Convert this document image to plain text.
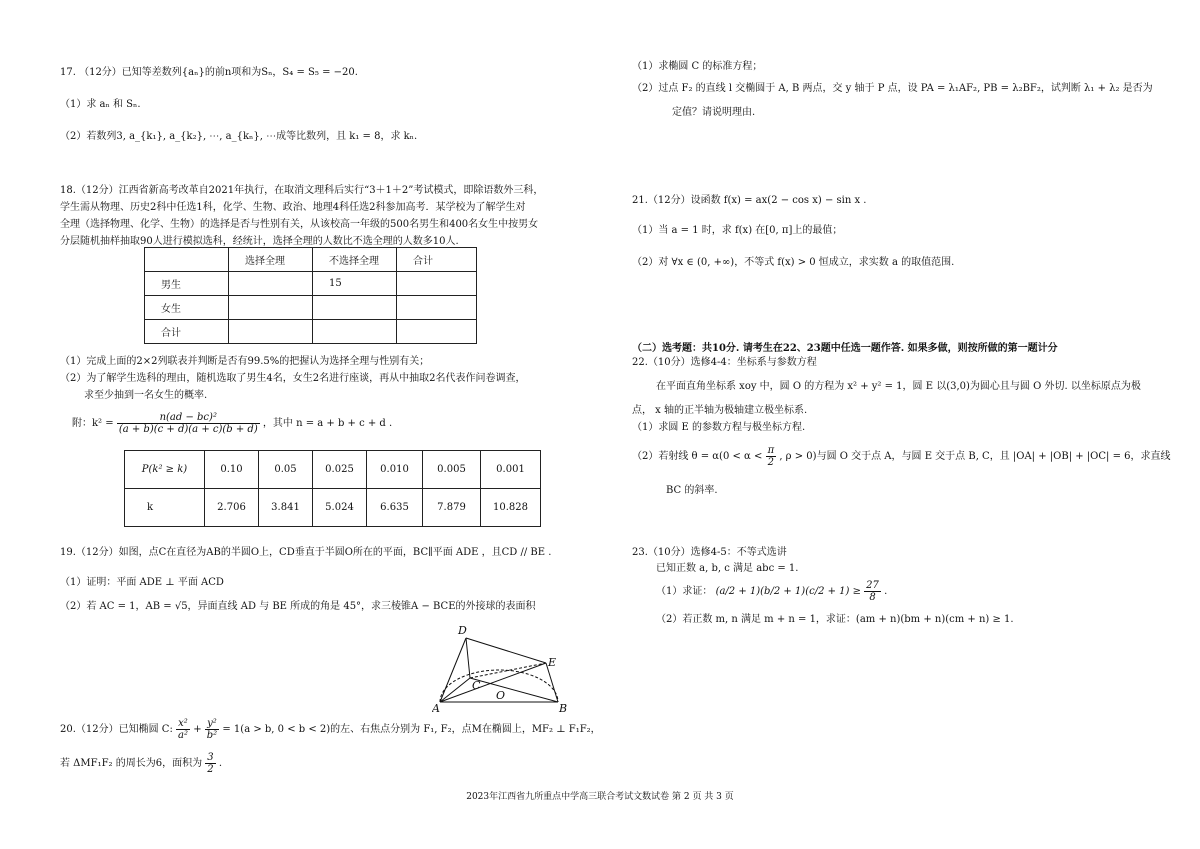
17. （12分）已知等差数列{aₙ}的前n项和为Sₙ，S₄ = S₅ = −20.
（1）求 aₙ 和 Sₙ.
（2）若数列3, a_{k₁}, a_{k₂}, ⋯, a_{kₙ}, ⋯成等比数列，且 k₁ = 8，求 kₙ.
18.（12分）江西省新高考改革自2021年执行，在取消文理科后实行“3＋1＋2”考试模式，即除语数外三科，
学生需从物理、历史2科中任选1科，化学、生物、政治、地理4科任选2科参加高考．某学校为了解学生对
全理（选择物理、化学、生物）的选择是否与性别有关，从该校高一年级的500名男生和400名女生中按男女
分层随机抽样抽取90人进行模拟选科，经统计，选择全理的人数比不选全理的人数多10人.
	选择全理	不选择全理	合计
男生		15	
女生			
合计			
（1）完成上面的2×2列联表并判断是否有99.5%的把握认为选择全理与性别有关；
（2）为了解学生选科的理由，随机选取了男生4名，女生2名进行座谈，再从中抽取2名代表作问卷调查，
求至少抽到一名女生的概率.
附：$k^2 = \frac{\text{n(ad − bc)²}}{(a + b)(c + d)(a + c)(b + d)}$ ，其中 n = a + b + c + d .
P(k² ≥ k)	0.10	0.05	0.025	0.010	0.005	0.001
k	2.706	3.841	5.024	6.635	7.879	10.828
19.（12分）如图，点C在直径为AB的半圆O上，CD垂直于半圆O所在的平面，BC∥平面 ADE ，且CD // BE .
（1）证明：平面 ADE ⊥ 平面 ACD
（2）若 AC = 1，AB = √5，异面直线 AD 与 BE 所成的角是 45°，求三棱锥A − BCE的外接球的表面积
D
E
C
O
A	B
20.（12分）已知椭圆 C: $\frac{\text{x²}}{\text{a²}} + \frac{\text{y²}}{\text{b²}} = 1(a > b$, 0 < b < 2)的左、右焦点分别为 F₁, F₂，点M在椭圆上，MF₂ ⊥ F₁F₂，
若 ΔMF₁F₂ 的周长为6，面积为 $\frac{3}{2}$ .
（1）求椭圆 C 的标准方程；
（2）过点 F₂ 的直线 l 交椭圆于 A, B 两点，交 y 轴于 P 点，设 PA = λ₁AF₂, PB = λ₂BF₂，试判断 λ₁ + λ₂ 是否为
定值？请说明理由.
21.（12分）设函数 f(x) = ax(2 − cos x) − sin x .
（1）当 a = 1 时，求 f(x) 在[0, π]上的最值；
（2）对 ∀x ∈ (0, +∞)，不等式 f(x) > 0 恒成立，求实数 a 的取值范围.
（二）选考题：共10分. 请考生在22、23题中任选一题作答. 如果多做，则按所做的第一题计分
22.（10分）选修4-4：坐标系与参数方程
在平面直角坐标系 xoy 中，圆 O 的方程为 x² + y² = 1，圆 E 以(3,0)为圆心且与圆 O 外切. 以坐标原点为极
点， x 轴的正半轴为极轴建立极坐标系.
（1）求圆 E 的参数方程与极坐标方程.
（2）若射线 $\theta = \alpha(0 < \alpha < \frac{\pi}{2}$ , ρ > 0)与圆 O 交于点 A，与圆 E 交于点 B, C，且 |OA| + |OB| + |OC| = 6，求直线
BC 的斜率.
23.（10分）选修4-5：不等式选讲
已知正数 a, b, c 满足 abc = 1.
（1）求证： $(a/2 + 1)(b/2 + 1)(c/2 + 1) \ge \frac{27}{8}$ .
（2）若正数 m, n 满足 m + n = 1，求证：(am + n)(bm + n)(cm + n) ≥ 1.
2023年江西省九所重点中学高三联合考试文数试卷 第 2 页 共 3 页
